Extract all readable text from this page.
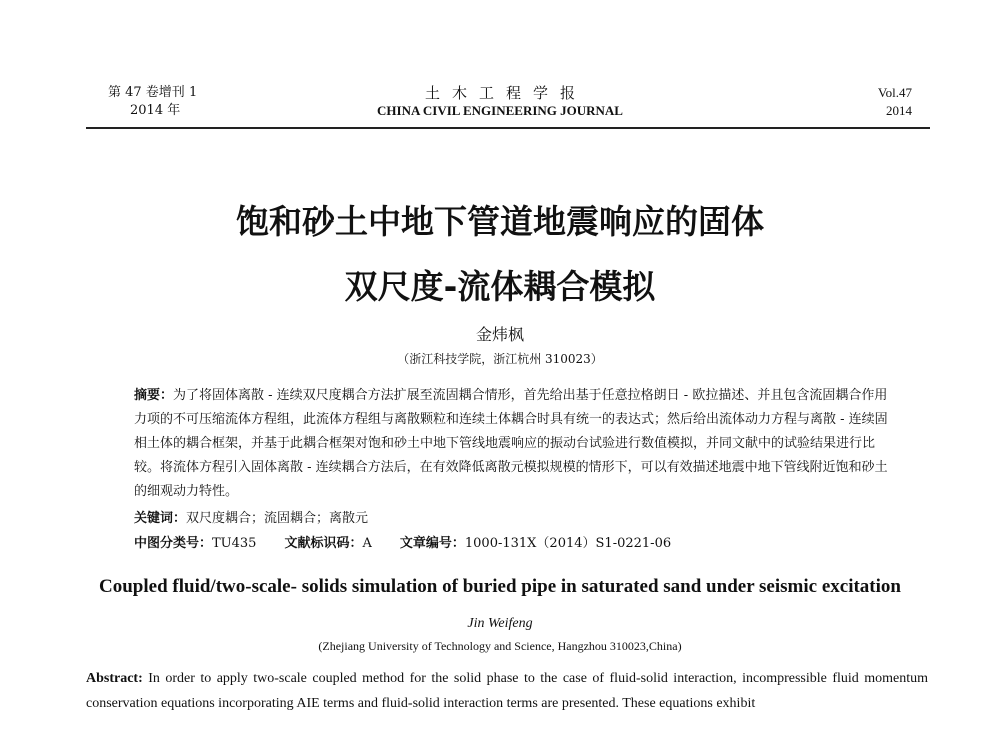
第 47 卷增刊 1
2014 年
土木工程学报
CHINA CIVIL ENGINEERING JOURNAL
Vol.47
2014
饱和砂土中地下管道地震响应的固体
双尺度-流体耦合模拟
金炜枫
（浙江科技学院，浙江杭州 310023）
摘要：为了将固体离散 - 连续双尺度耦合方法扩展至流固耦合情形，首先给出基于任意拉格朗日 - 欧拉描述、并且包含流固耦合作用力项的不可压缩流体方程组，此流体方程组与离散颗粒和连续土体耦合时具有统一的表达式；然后给出流体动力方程与离散 - 连续固相土体的耦合框架，并基于此耦合框架对饱和砂土中地下管线地震响应的振动台试验进行数值模拟，并同文献中的试验结果进行比较。将流体方程引入固体离散 - 连续耦合方法后，在有效降低离散元模拟规模的情形下，可以有效描述地震中地下管线附近饱和砂土的细观动力特性。
关键词：双尺度耦合；流固耦合；离散元
中图分类号：TU435 文献标识码：A 文章编号：1000-131X（2014）S1-0221-06
Coupled fluid/two-scale- solids simulation of buried pipe in saturated sand under seismic excitation
Jin Weifeng
(Zhejiang University of Technology and Science, Hangzhou 310023,China)
Abstract: In order to apply two-scale coupled method for the solid phase to the case of fluid-solid interaction, incompressible fluid momentum conservation equations incorporating AIE terms and fluid-solid interaction terms are presented. These equations exhibit
